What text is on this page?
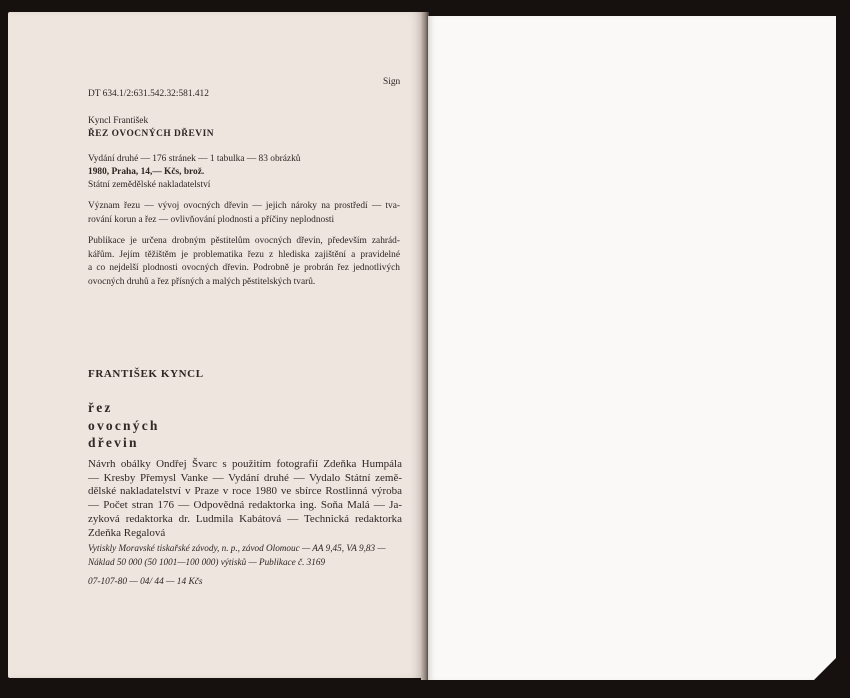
Sign
DT 634.1/2:631.542.32:581.412
Kyncl František
ŘEZ OVOCNÝCH DŘEVIN
Vydání druhé — 176 stránek — 1 tabulka — 83 obrázků
1980, Praha, 14,— Kčs, brož.
Státní zemědělské nakladatelství
Význam řezu — vývoj ovocných dřevin — jejich nároky na prostředí — tva-
rování korun a řez — ovlivňování plodnosti a příčiny neplodnosti
Publikace je určena drobným pěstitelům ovocných dřevin, především zahrád-
kářům. Jejím těžištěm je problematika řezu z hlediska zajištění a pravidelné
a co nejdelší plodnosti ovocných dřevin. Podrobně je probrán řez jednotlivých
ovocných druhů a řez přísných a malých pěstitelských tvarů.
FRANTIŠEK KYNCL
řez
ovocných
dřevin
Návrh obálky Ondřej Švarc s použitím fotografií Zdeňka Humpála
— Kresby Přemysl Vanke — Vydání druhé — Vydalo Státní země-
dělské nakladatelství v Praze v roce 1980 ve sbírce Rostlinná výroba
— Počet stran 176 — Odpovědná redaktorka ing. Soňa Malá — Ja-
zyková redaktorka dr. Ludmila Kabátová — Technická redaktorka
Zdeňka Regalová
Vytiskly Moravské tiskařské závody, n. p., závod Olomouc — AA 9,45, VA 9,83 —
Náklad 50 000 (50 1001—100 000) výtisků — Publikace č. 3169
07-107-80 — 04/ 44 — 14 Kčs
